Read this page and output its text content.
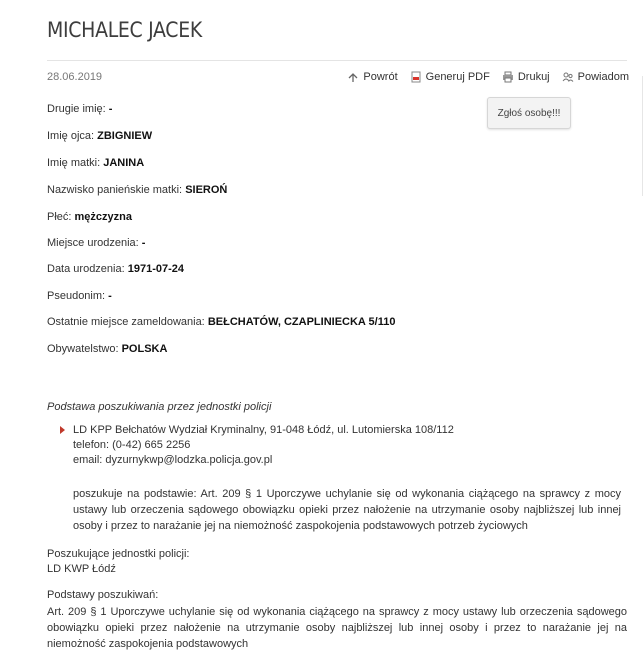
MICHALEC JACEK
28.06.2019	Powrót	Generuj PDF	Drukuj	Powiadom
Zgłoś osobę!!!
Drugie imię: -
Imię ojca: ZBIGNIEW
Imię matki: JANINA
Nazwisko panieńskie matki: SIEROŃ
Płeć: mężczyzna
Miejsce urodzenia: -
Data urodzenia: 1971-07-24
Pseudonim: -
Ostatnie miejsce zameldowania: BEŁCHATÓW, CZAPLINIECKA 5/110
Obywatelstwo: POLSKA
Podstawa poszukiwania przez jednostki policji
LD KPP Bełchatów Wydział Kryminalny, 91-048 Łódź, ul. Lutomierska 108/112
telefon: (0-42) 665 2256
email: dyzurnykwp@lodzka.policja.gov.pl
poszukuje na podstawie: Art. 209 § 1 Uporczywe uchylanie się od wykonania ciążącego na sprawcy z mocy ustawy lub orzeczenia sądowego obowiązku opieki przez nałożenie na utrzymanie osoby najbliższej lub innej osoby i przez to narażanie jej na niemożność zaspokojenia podstawowych potrzeb życiowych
Poszukujące jednostki policji:
LD KWP Łódź
Podstawy poszukiwań:
Art. 209 § 1 Uporczywe uchylanie się od wykonania ciążącego na sprawcy z mocy ustawy lub orzeczenia sądowego obowiązku opieki przez nałożenie na utrzymanie osoby najbliższej lub innej osoby i przez to narażanie jej na niemożność zaspokojenia podstawowych
